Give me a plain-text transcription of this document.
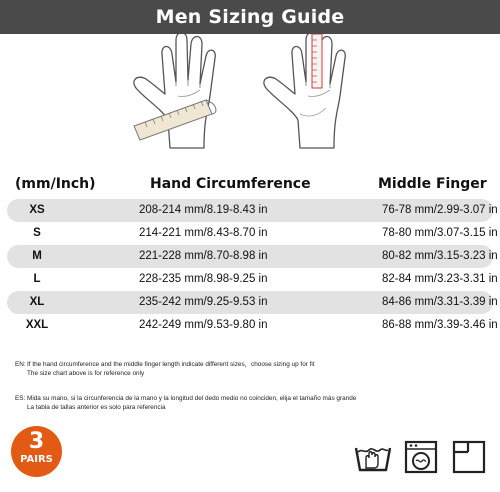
Men Sizing Guide
(mm/Inch)	Hand Circumference	Middle Finger
XS	208-214 mm/8.19-8.43 in	76-78 mm/2.99-3.07 in
S	214-221 mm/8.43-8.70 in	78-80 mm/3.07-3.15 in
M	221-228 mm/8.70-8.98 in	80-82 mm/3.15-3.23 in
L	228-235 mm/8.98-9.25 in	82-84 mm/3.23-3.31 in
XL	235-242 mm/9.25-9.53 in	84-86 mm/3.31-3.39 in
XXL	242-249 mm/9.53-9.80 in	86-88 mm/3.39-3.46 in
EN:If the hand circumference and the middle finger length indicate different sizes，choose sizing up for fit
The size chart above is for reference only
ES: Mida su mano, si la circunferencia de la mano y la longitud del dedo medio no coinciden, elija el tamaño más grande
La tabla de tallas anterior es solo para referencia
3
PAIRS
